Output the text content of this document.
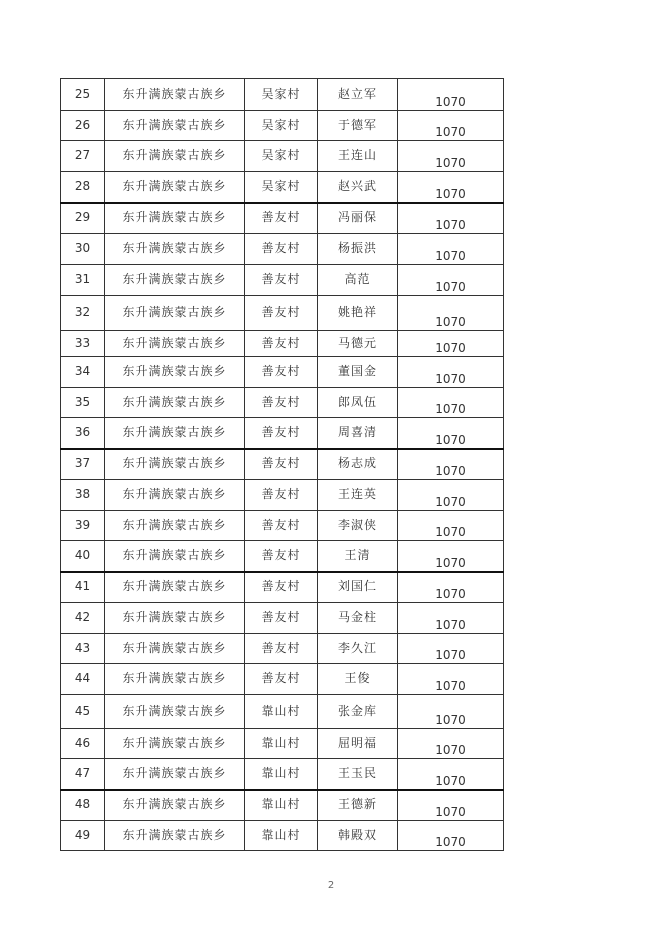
25	东升满族蒙古族乡	吴家村	赵立军	1070
26	东升满族蒙古族乡	吴家村	于德军	1070
27	东升满族蒙古族乡	吴家村	王连山	1070
28	东升满族蒙古族乡	吴家村	赵兴武	1070
29	东升满族蒙古族乡	善友村	冯丽保	1070
30	东升满族蒙古族乡	善友村	杨振洪	1070
31	东升满族蒙古族乡	善友村	高范	1070
32	东升满族蒙古族乡	善友村	姚艳祥	1070
33	东升满族蒙古族乡	善友村	马德元	1070
34	东升满族蒙古族乡	善友村	董国金	1070
35	东升满族蒙古族乡	善友村	郎凤伍	1070
36	东升满族蒙古族乡	善友村	周喜清	1070
37	东升满族蒙古族乡	善友村	杨志成	1070
38	东升满族蒙古族乡	善友村	王连英	1070
39	东升满族蒙古族乡	善友村	李淑侠	1070
40	东升满族蒙古族乡	善友村	王清	1070
41	东升满族蒙古族乡	善友村	刘国仁	1070
42	东升满族蒙古族乡	善友村	马金柱	1070
43	东升满族蒙古族乡	善友村	李久江	1070
44	东升满族蒙古族乡	善友村	王俊	1070
45	东升满族蒙古族乡	靠山村	张金库	1070
46	东升满族蒙古族乡	靠山村	屈明福	1070
47	东升满族蒙古族乡	靠山村	王玉民	1070
48	东升满族蒙古族乡	靠山村	王德新	1070
49	东升满族蒙古族乡	靠山村	韩殿双	1070
2
